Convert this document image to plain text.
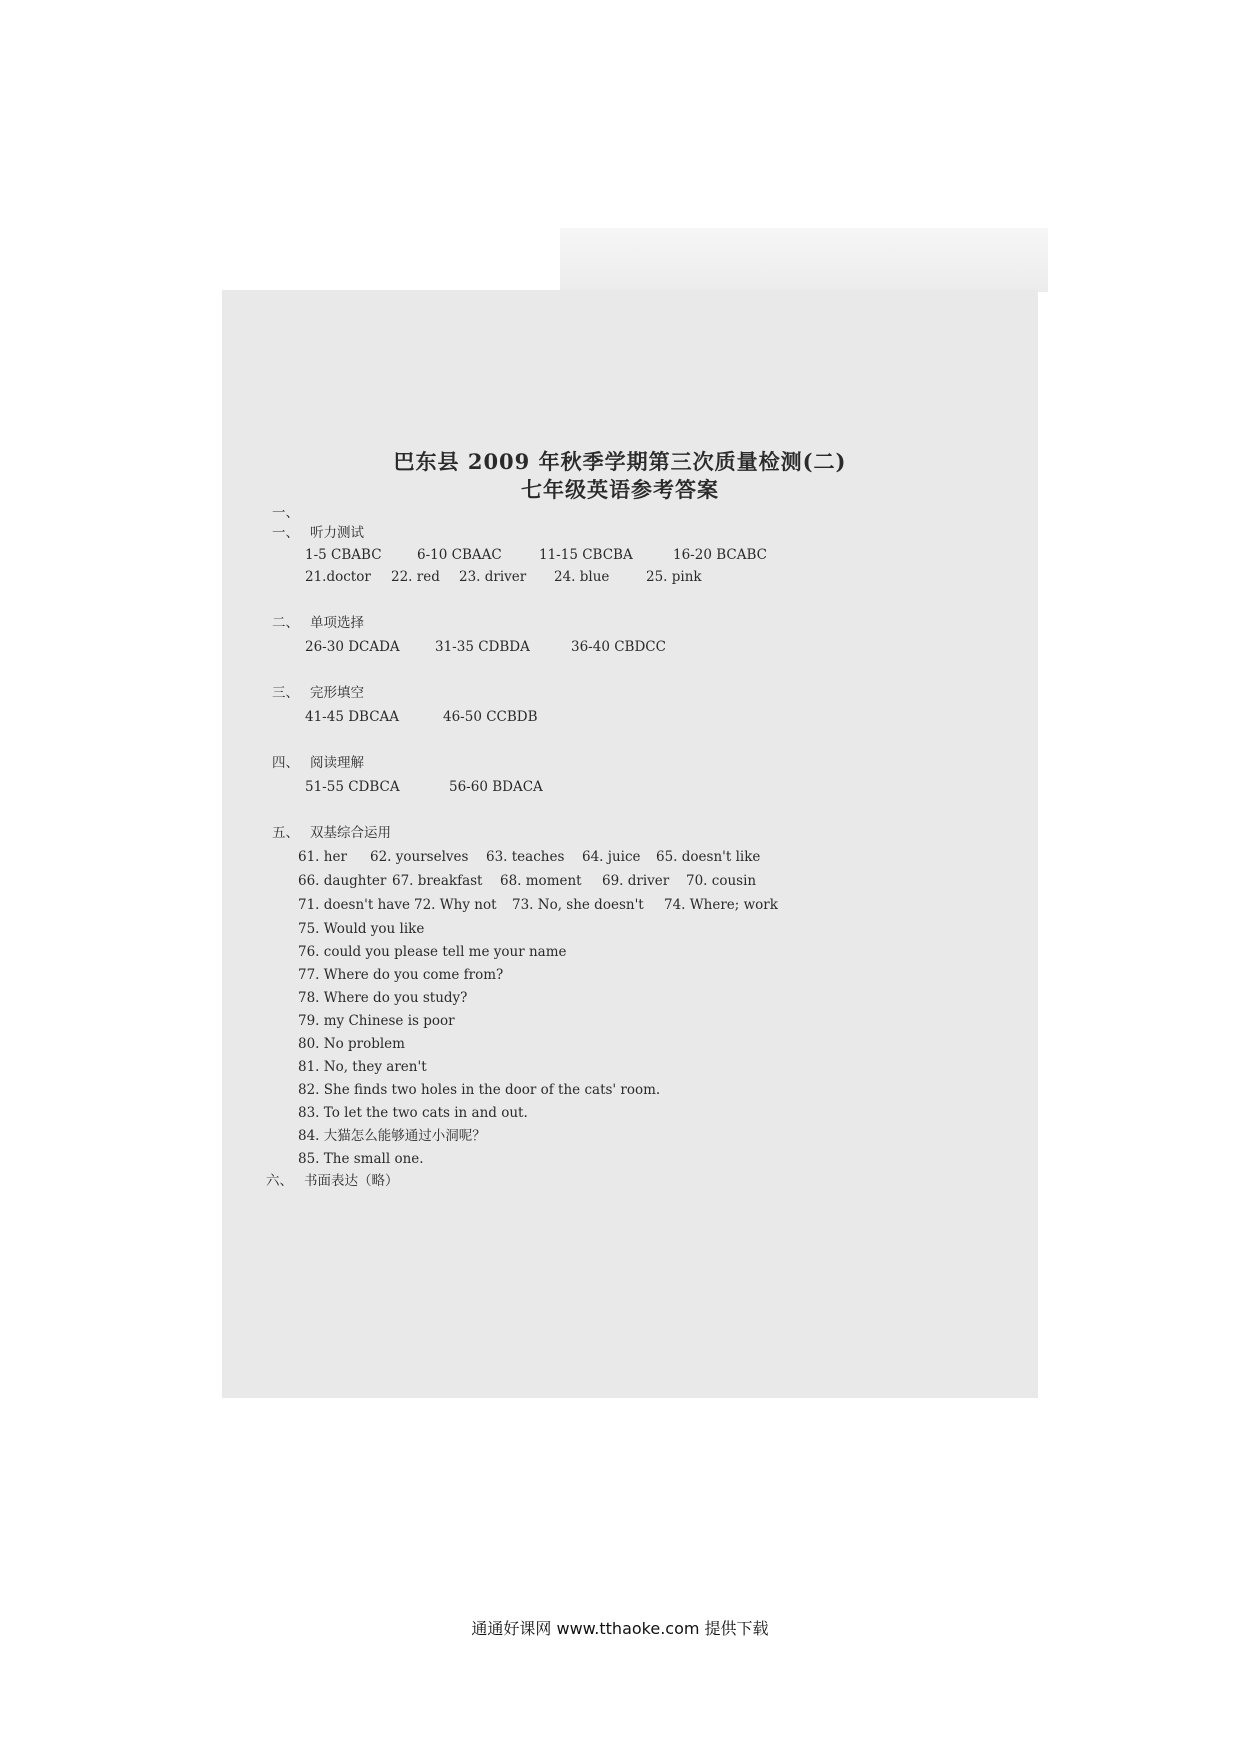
巴东县 2009 年秋季学期第三次质量检测(二)
七年级英语参考答案
一、
一、 听力测试
1-5 CBABC	6-10 CBAAC	11-15 CBCBA	16-20 BCABC
21.doctor 22. red 23. driver 24. blue	25. pink
二、 单项选择
26-30 DCADA	31-35 CDBDA	36-40 CBDCC
三、 完形填空
41-45 DBCAA	46-50 CCBDB
四、 阅读理解
51-55 CDBCA	56-60 BDACA
五、 双基综合运用
61. her 62. yourselves 63. teaches 64. juice 65. doesn't like
66. daughter 67. breakfast 68. moment 69. driver 70. cousin
71. doesn't have 72. Why not 73. No, she doesn't 74. Where; work
75. Would you like
76. could you please tell me your name
77. Where do you come from?
78. Where do you study?
79. my Chinese is poor
80. No problem
81. No, they aren't
82. She finds two holes in the door of the cats' room.
83. To let the two cats in and out.
84. 大猫怎么能够通过小洞呢？
85. The small one.
六、 书面表达（略）
通通好课网 www.tthaoke.com 提供下载
